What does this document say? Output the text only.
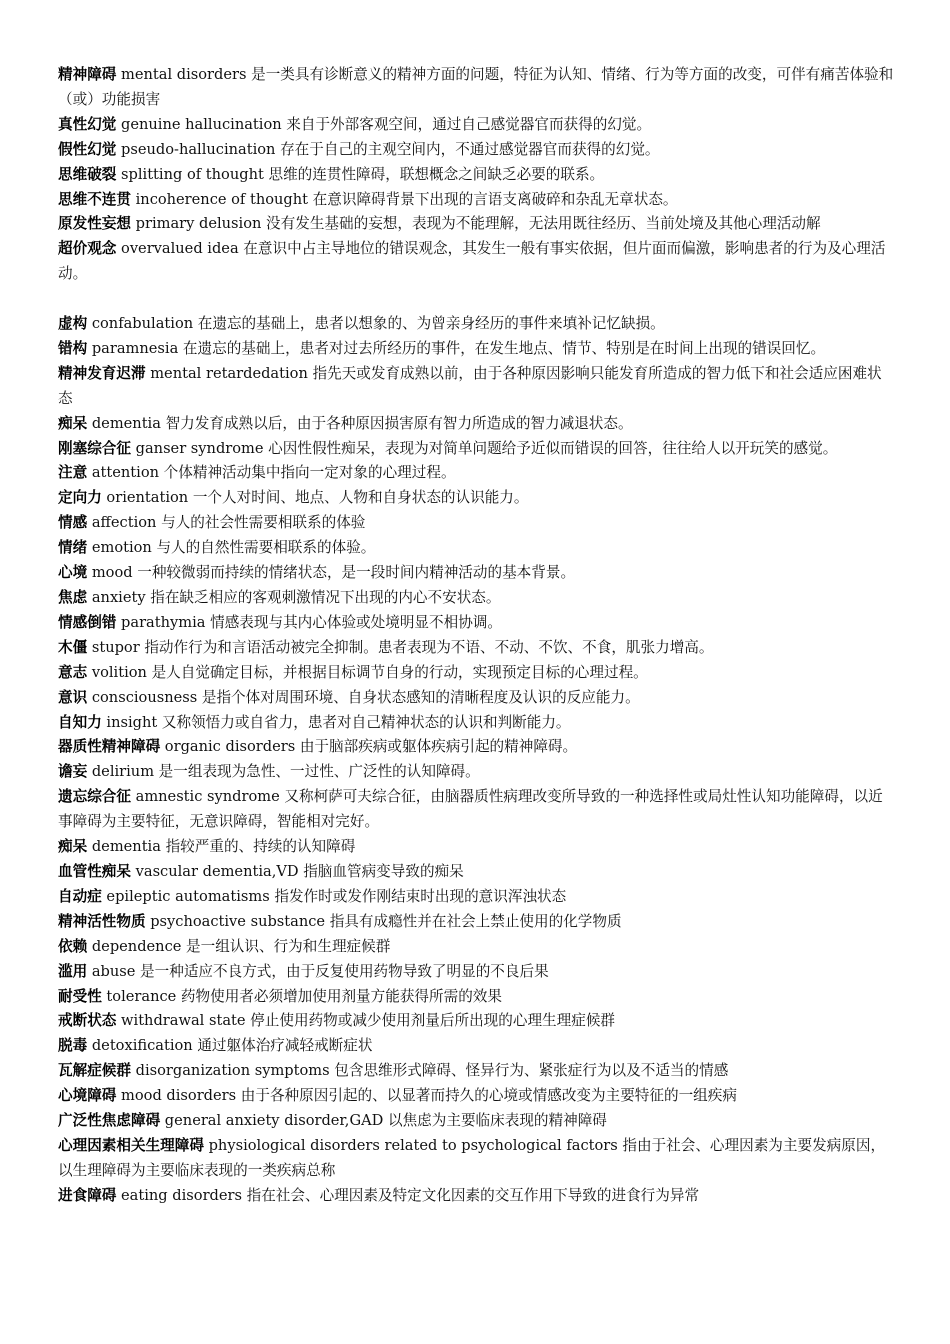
精神障碍 mental disorders 是一类具有诊断意义的精神方面的问题，特征为认知、情绪、行为等方面的改变，可伴有痛苦体验和（或）功能损害

真性幻觉 genuine hallucination 来自于外部客观空间，通过自己感觉器官而获得的幻觉。

假性幻觉 pseudo-hallucination 存在于自己的主观空间内，不通过感觉器官而获得的幻觉。

思维破裂 splitting of thought 思维的连贯性障碍，联想概念之间缺乏必要的联系。

思维不连贯 incoherence of thought 在意识障碍背景下出现的言语支离破碎和杂乱无章状态。

原发性妄想 primary delusion 没有发生基础的妄想，表现为不能理解，无法用既往经历、当前处境及其他心理活动解

超价观念 overvalued idea 在意识中占主导地位的错误观念，其发生一般有事实依据，但片面而偏激，影响患者的行为及心理活动。

虚构 confabulation 在遗忘的基础上，患者以想象的、为曾亲身经历的事件来填补记忆缺损。

错构 paramnesia 在遗忘的基础上，患者对过去所经历的事件，在发生地点、情节、特别是在时间上出现的错误回忆。

精神发育迟滞 mental retardedation 指先天或发育成熟以前，由于各种原因影响只能发育所造成的智力低下和社会适应困难状态

痴呆 dementia 智力发育成熟以后，由于各种原因损害原有智力所造成的智力减退状态。

刚塞综合征 ganser syndrome 心因性假性痴呆，表现为对简单问题给予近似而错误的回答，往往给人以开玩笑的感觉。

注意 attention 个体精神活动集中指向一定对象的心理过程。

定向力 orientation 一个人对时间、地点、人物和自身状态的认识能力。

情感 affection 与人的社会性需要相联系的体验

情绪 emotion 与人的自然性需要相联系的体验。

心境 mood 一种较微弱而持续的情绪状态，是一段时间内精神活动的基本背景。

焦虑 anxiety 指在缺乏相应的客观刺激情况下出现的内心不安状态。

情感倒错 parathymia 情感表现与其内心体验或处境明显不相协调。

木僵 stupor 指动作行为和言语活动被完全抑制。患者表现为不语、不动、不饮、不食，肌张力增高。

意志 volition 是人自觉确定目标，并根据目标调节自身的行动，实现预定目标的心理过程。

意识 consciousness 是指个体对周围环境、自身状态感知的清晰程度及认识的反应能力。

自知力 insight 又称领悟力或自省力，患者对自己精神状态的认识和判断能力。

器质性精神障碍 organic disorders 由于脑部疾病或躯体疾病引起的精神障碍。

谵妄 delirium 是一组表现为急性、一过性、广泛性的认知障碍。

遗忘综合征 amnestic syndrome 又称柯萨可夫综合征，由脑器质性病理改变所导致的一种选择性或局灶性认知功能障碍，以近事障碍为主要特征，无意识障碍，智能相对完好。

痴呆 dementia 指较严重的、持续的认知障碍

血管性痴呆 vascular dementia,VD 指脑血管病变导致的痴呆

自动症 epileptic automatisms 指发作时或发作刚结束时出现的意识浑浊状态

精神活性物质 psychoactive substance 指具有成瘾性并在社会上禁止使用的化学物质

依赖 dependence 是一组认识、行为和生理症候群

滥用 abuse 是一种适应不良方式，由于反复使用药物导致了明显的不良后果

耐受性 tolerance 药物使用者必须增加使用剂量方能获得所需的效果

戒断状态 withdrawal state 停止使用药物或减少使用剂量后所出现的心理生理症候群

脱毒 detoxification 通过躯体治疗减轻戒断症状

瓦解症候群 disorganization symptoms 包含思维形式障碍、怪异行为、紧张症行为以及不适当的情感

心境障碍 mood disorders 由于各种原因引起的、以显著而持久的心境或情感改变为主要特征的一组疾病

广泛性焦虑障碍 general anxiety disorder,GAD 以焦虑为主要临床表现的精神障碍

心理因素相关生理障碍 physiological disorders related to psychological factors 指由于社会、心理因素为主要发病原因，以生理障碍为主要临床表现的一类疾病总称

进食障碍 eating disorders 指在社会、心理因素及特定文化因素的交互作用下导致的进食行为异常
